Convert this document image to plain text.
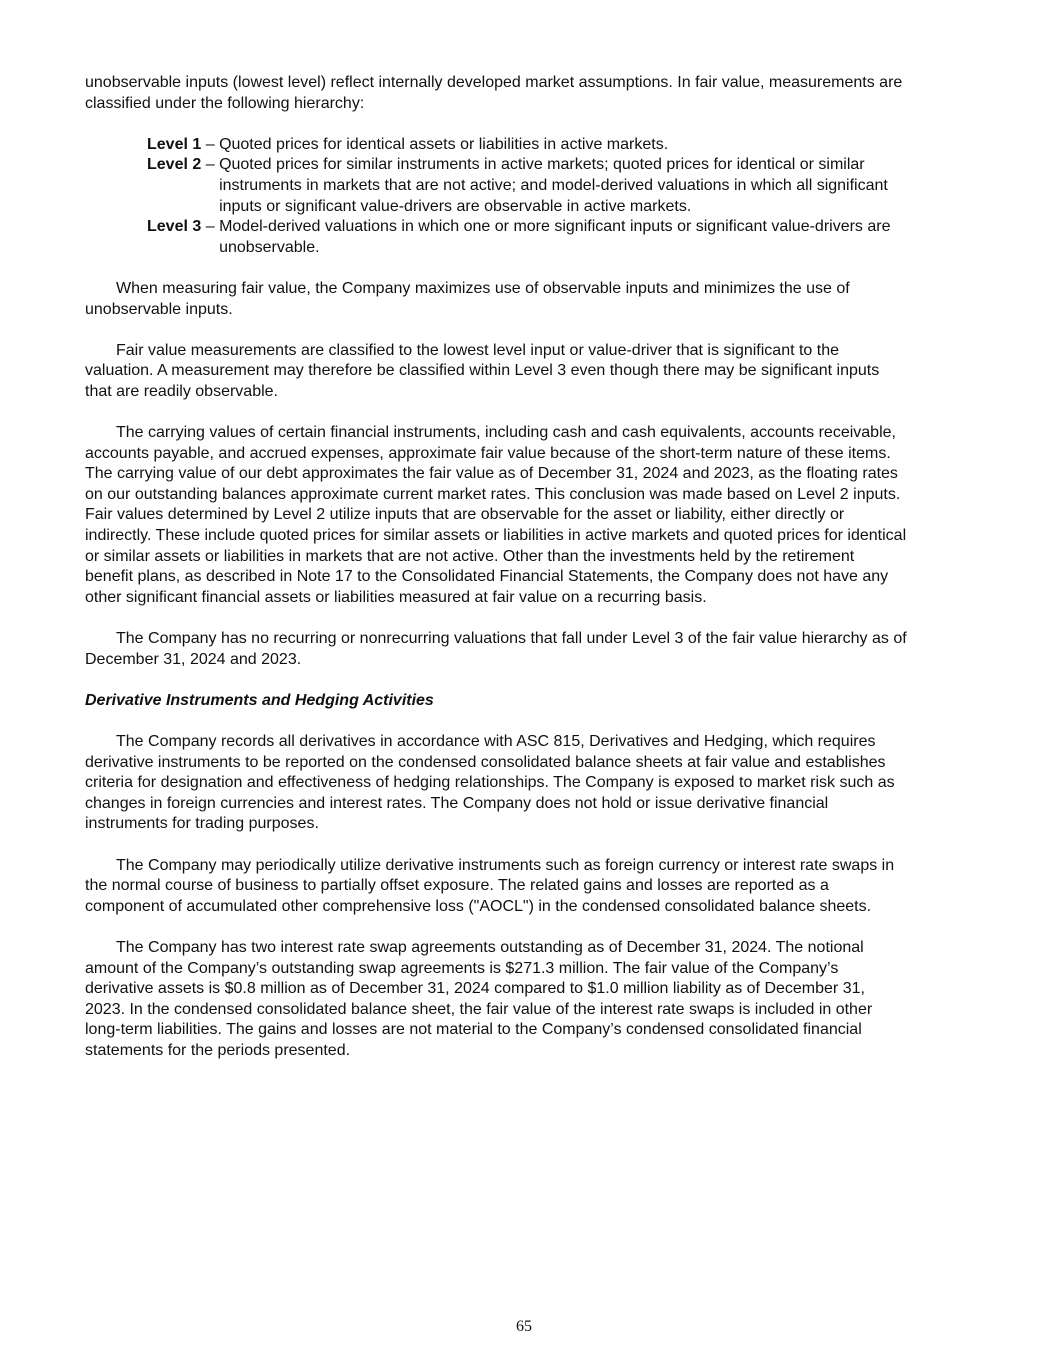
unobservable inputs (lowest level) reflect internally developed market assumptions. In fair value, measurements are
classified under the following hierarchy:

Level 1 – Quoted prices for identical assets or liabilities in active markets.
Level 2 – Quoted prices for similar instruments in active markets; quoted prices for identical or similar
instruments in markets that are not active; and model-derived valuations in which all significant
inputs or significant value-drivers are observable in active markets.
Level 3 – Model-derived valuations in which one or more significant inputs or significant value-drivers are
unobservable.

When measuring fair value, the Company maximizes use of observable inputs and minimizes the use of
unobservable inputs.

Fair value measurements are classified to the lowest level input or value-driver that is significant to the
valuation. A measurement may therefore be classified within Level 3 even though there may be significant inputs
that are readily observable.

The carrying values of certain financial instruments, including cash and cash equivalents, accounts receivable,
accounts payable, and accrued expenses, approximate fair value because of the short-term nature of these items.
The carrying value of our debt approximates the fair value as of December 31, 2024 and 2023, as the floating rates
on our outstanding balances approximate current market rates. This conclusion was made based on Level 2 inputs.
Fair values determined by Level 2 utilize inputs that are observable for the asset or liability, either directly or
indirectly. These include quoted prices for similar assets or liabilities in active markets and quoted prices for identical
or similar assets or liabilities in markets that are not active. Other than the investments held by the retirement
benefit plans, as described in Note 17 to the Consolidated Financial Statements, the Company does not have any
other significant financial assets or liabilities measured at fair value on a recurring basis.

The Company has no recurring or nonrecurring valuations that fall under Level 3 of the fair value hierarchy as of
December 31, 2024 and 2023.

Derivative Instruments and Hedging Activities

The Company records all derivatives in accordance with ASC 815, Derivatives and Hedging, which requires
derivative instruments to be reported on the condensed consolidated balance sheets at fair value and establishes
criteria for designation and effectiveness of hedging relationships. The Company is exposed to market risk such as
changes in foreign currencies and interest rates. The Company does not hold or issue derivative financial
instruments for trading purposes.

The Company may periodically utilize derivative instruments such as foreign currency or interest rate swaps in
the normal course of business to partially offset exposure. The related gains and losses are reported as a
component of accumulated other comprehensive loss ("AOCL") in the condensed consolidated balance sheets.

The Company has two interest rate swap agreements outstanding as of December 31, 2024. The notional
amount of the Company’s outstanding swap agreements is $271.3 million. The fair value of the Company’s
derivative assets is $0.8 million as of December 31, 2024 compared to $1.0 million liability as of December 31,
2023. In the condensed consolidated balance sheet, the fair value of the interest rate swaps is included in other
long-term liabilities. The gains and losses are not material to the Company’s condensed consolidated financial
statements for the periods presented.

65
